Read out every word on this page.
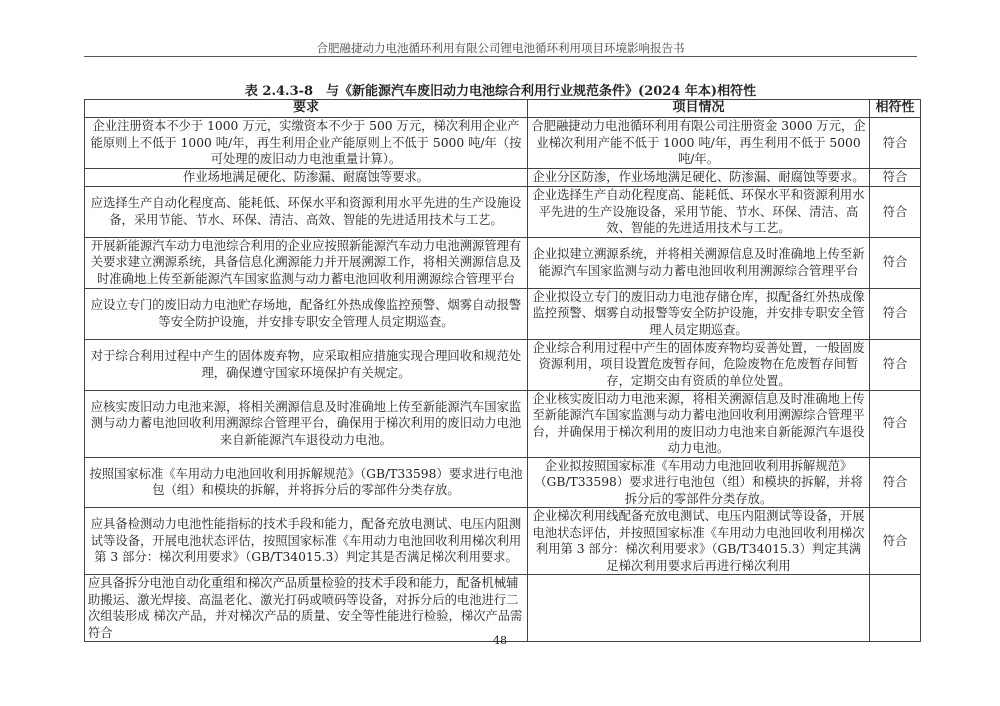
合肥融捷动力电池循环利用有限公司锂电池循环利用项目环境影响报告书
表 2.4.3-8　与《新能源汽车废旧动力电池综合利用行业规范条件》(2024 年本)相符性
要求	项目情况	相符性
企业注册资本不少于 1000 万元，实缴资本不少于 500 万元，梯次利用企业产能原则上不低于 1000 吨/年，再生利用企业产能原则上不低于 5000 吨/年（按可处理的废旧动力电池重量计算）。	合肥融捷动力电池循环利用有限公司注册资金 3000 万元，企业梯次利用产能不低于 1000 吨/年，再生利用不低于 5000 吨/年。	符合
作业场地满足硬化、防渗漏、耐腐蚀等要求。	企业分区防渗，作业场地满足硬化、防渗漏、耐腐蚀等要求。	符合
应选择生产自动化程度高、能耗低、环保水平和资源利用水平先进的生产设施设备，采用节能、节水、环保、清洁、高效、智能的先进适用技术与工艺。	企业选择生产自动化程度高、能耗低、环保水平和资源利用水平先进的生产设施设备，采用节能、节水、环保、清洁、高效、智能的先进适用技术与工艺。	符合
开展新能源汽车动力电池综合利用的企业应按照新能源汽车动力电池溯源管理有关要求建立溯源系统，具备信息化溯源能力并开展溯源工作，将相关溯源信息及时准确地上传至新能源汽车国家监测与动力蓄电池回收利用溯源综合管理平台	企业拟建立溯源系统，并将相关溯源信息及时准确地上传至新能源汽车国家监测与动力蓄电池回收利用溯源综合管理平台	符合
应设立专门的废旧动力电池贮存场地，配备红外热成像监控预警、烟雾自动报警等安全防护设施，并安排专职安全管理人员定期巡查。	企业拟设立专门的废旧动力电池存储仓库，拟配备红外热成像监控预警、烟雾自动报警等安全防护设施，并安排专职安全管理人员定期巡查。	符合
对于综合利用过程中产生的固体废弃物，应采取相应措施实现合理回收和规范处理，确保遵守国家环境保护有关规定。	企业综合利用过程中产生的固体废弃物均妥善处置，一般固废资源利用，项目设置危废暂存间，危险废物在危废暂存间暂存，定期交由有资质的单位处置。	符合
应核实废旧动力电池来源，将相关溯源信息及时准确地上传至新能源汽车国家监测与动力蓄电池回收利用溯源综合管理平台，确保用于梯次利用的废旧动力电池来自新能源汽车退役动力电池。	企业核实废旧动力电池来源，将相关溯源信息及时准确地上传至新能源汽车国家监测与动力蓄电池回收利用溯源综合管理平台，并确保用于梯次利用的废旧动力电池来自新能源汽车退役动力电池。	符合
按照国家标准《车用动力电池回收利用拆解规范》（GB/T33598）要求进行电池包（组）和模块的拆解，并将拆分后的零部件分类存放。	企业拟按照国家标准《车用动力电池回收利用拆解规范》（GB/T33598）要求进行电池包（组）和模块的拆解，并将拆分后的零部件分类存放。	符合
应具备检测动力电池性能指标的技术手段和能力，配备充放电测试、电压内阻测试等设备，开展电池状态评估，按照国家标准《车用动力电池回收利用梯次利用第 3 部分：梯次利用要求》（GB/T34015.3）判定其是否满足梯次利用要求。	企业梯次利用线配备充放电测试、电压内阻测试等设备，开展电池状态评估，并按照国家标准《车用动力电池回收利用梯次利用第 3 部分：梯次利用要求》（GB/T34015.3）判定其满足梯次利用要求后再进行梯次利用	符合
应具备拆分电池自动化重组和梯次产品质量检验的技术手段和能力，配备机械辅助搬运、激光焊接、高温老化、激光打码或喷码等设备，对拆分后的电池进行二次组装形成 梯次产品，并对梯次产品的质量、安全等性能进行检验，梯次产品需符合		
48
